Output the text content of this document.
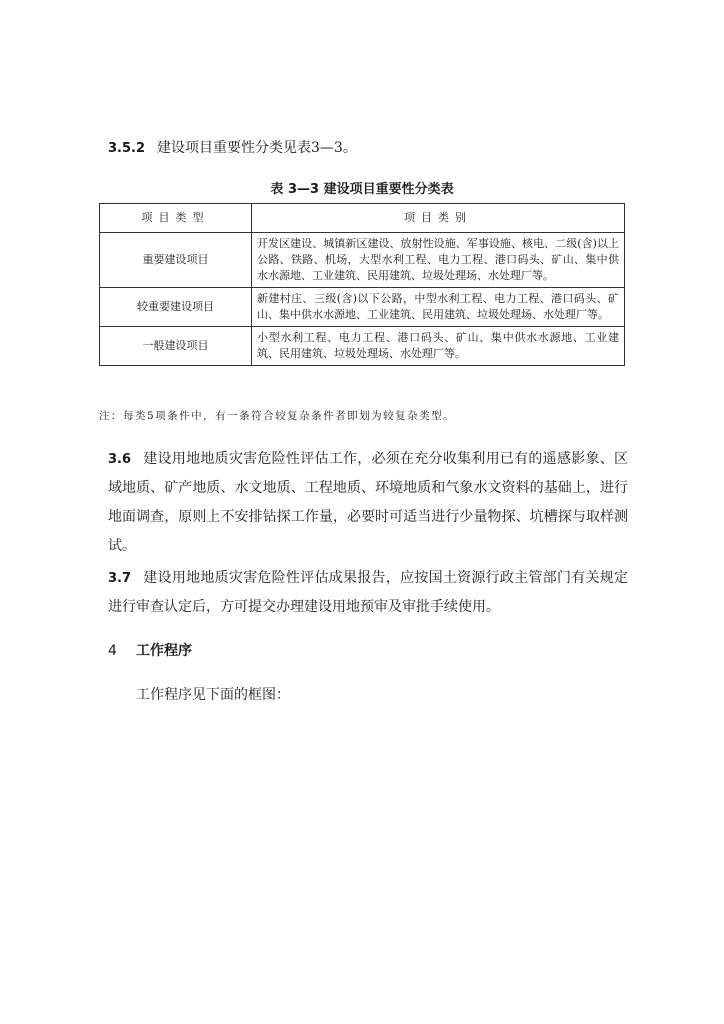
3.5.2 建设项目重要性分类见表3—3。
表 3—3 建设项目重要性分类表
项目类型	项目类别
重要建设项目	开发区建设、城镇新区建设、放射性设施、军事设施、核电、二级(含)以上公路、铁路、机场，大型水利工程、电力工程、港口码头、矿山、集中供水水源地、工业建筑、民用建筑、垃圾处理场、水处理厂等。
较重要建设项目	新建村庄、三级(含)以下公路，中型水利工程、电力工程、港口码头、矿山、集中供水水源地、工业建筑、民用建筑、垃圾处理场、水处理厂等。
一般建设项目	小型水利工程、电力工程、港口码头、矿山、集中供水水源地、工业建筑、民用建筑、垃圾处理场、水处理厂等。
注：每类5项条件中，有一条符合较复杂条件者即划为较复杂类型。
3.6 建设用地地质灾害危险性评估工作，必须在充分收集利用已有的遥感影象、区域地质、矿产地质、水文地质、工程地质、环境地质和气象水文资料的基础上，进行地面调查，原则上不安排钻探工作量，必要时可适当进行少量物探、坑槽探与取样测试。
3.7 建设用地地质灾害危险性评估成果报告，应按国土资源行政主管部门有关规定进行审查认定后，方可提交办理建设用地预审及审批手续使用。
4 工作程序
工作程序见下面的框图：
